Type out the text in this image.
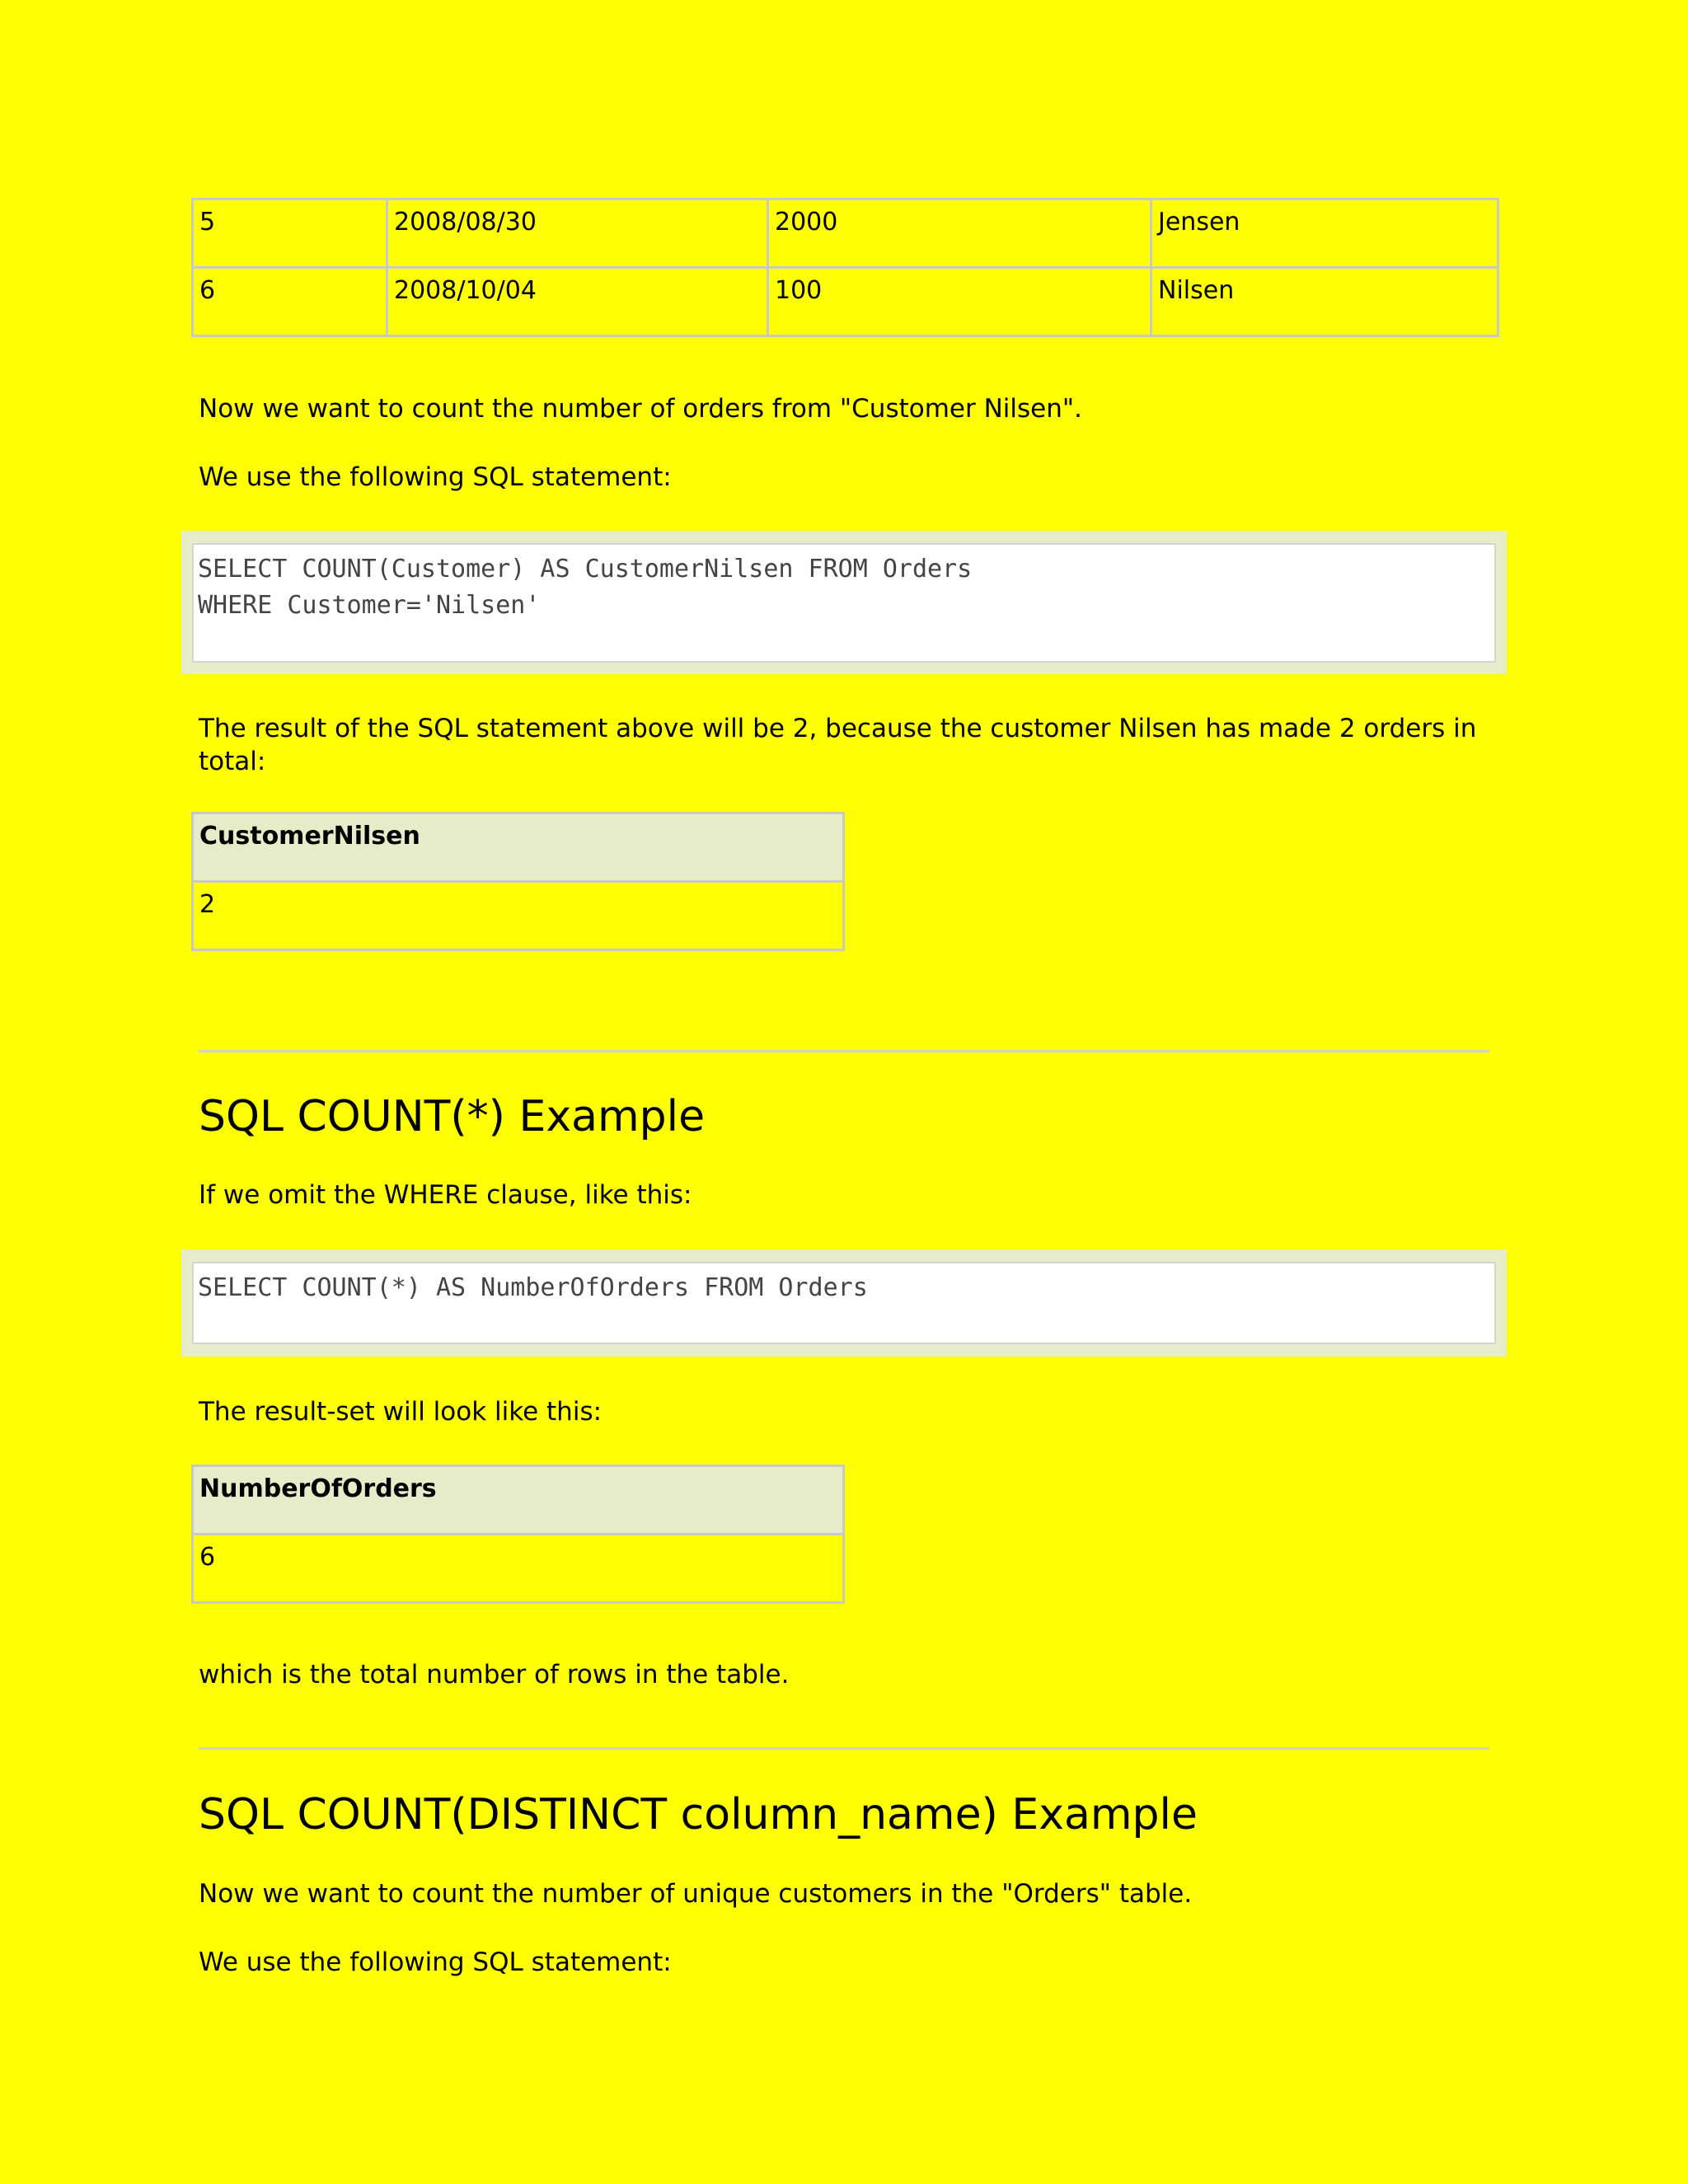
5	2008/08/30	2000	Jensen
6	2008/10/04	100	Nilsen
Now we want to count the number of orders from "Customer Nilsen".
We use the following SQL statement:
SELECT COUNT(Customer) AS CustomerNilsen FROM Orders
WHERE Customer='Nilsen'
The result of the SQL statement above will be 2, because the customer Nilsen has made 2 orders in total:
CustomerNilsen
2
SQL COUNT(*) Example
If we omit the WHERE clause, like this:
SELECT COUNT(*) AS NumberOfOrders FROM Orders
The result-set will look like this:
NumberOfOrders
6
which is the total number of rows in the table.
SQL COUNT(DISTINCT column_name) Example
Now we want to count the number of unique customers in the "Orders" table.
We use the following SQL statement:
